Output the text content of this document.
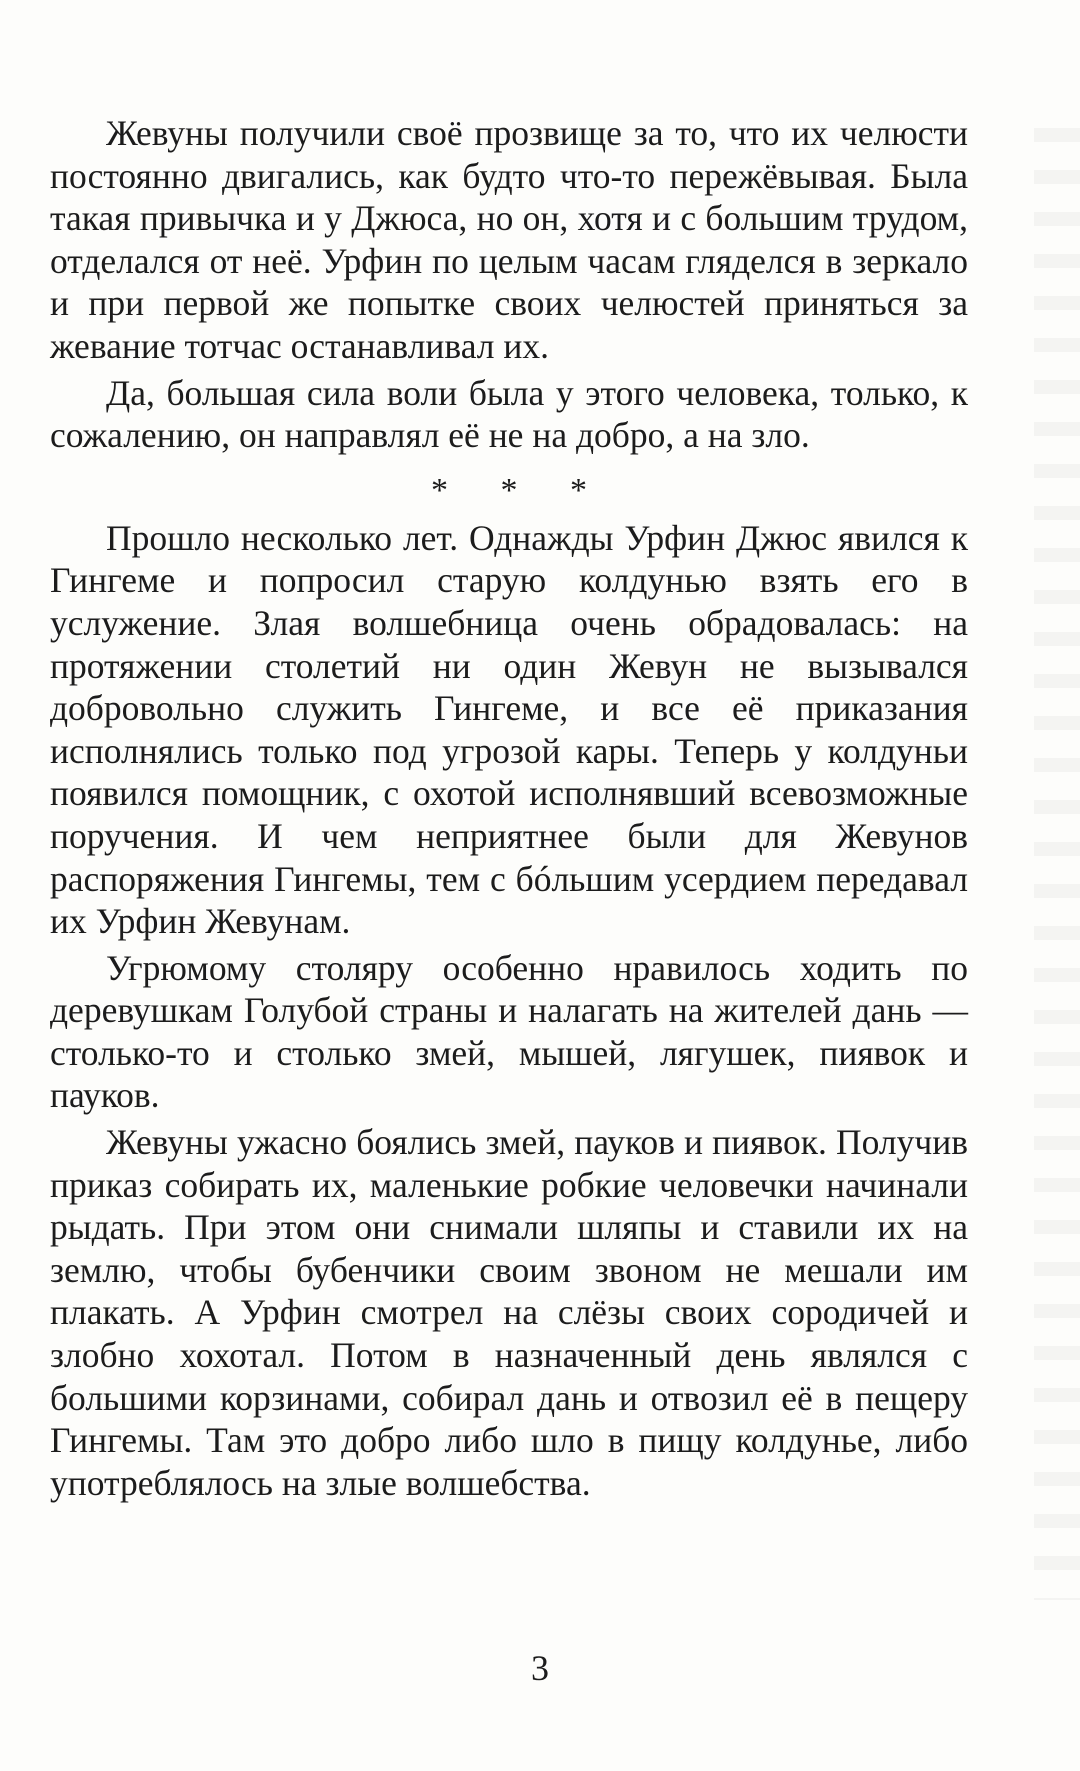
Жевуны получили своё прозвище за то, что их челюсти постоянно двигались, как будто что-то пережёвывая. Была такая привычка и у Джюса, но он, хотя и с большим трудом, отделался от неё. Урфин по целым часам гляделся в зеркало и при первой же попытке своих челюстей приняться за жевание тотчас останавливал их.

Да, большая сила воли была у этого человека, только, к сожалению, он направлял её не на добро, а на зло.

* * *

Прошло несколько лет. Однажды Урфин Джюс явился к Гингеме и попросил старую колдунью взять его в услужение. Злая волшебница очень обрадовалась: на протяжении столетий ни один Жевун не вызывался добровольно служить Гингеме, и все её приказания исполнялись только под угрозой кары. Теперь у колдуньи появился помощник, с охотой исполнявший всевозможные поручения. И чем неприятнее были для Жевунов распоряжения Гингемы, тем с бóльшим усердием передавал их Урфин Жевунам.

Угрюмому столяру особенно нравилось ходить по деревушкам Голубой страны и налагать на жителей дань — столько-то и столько змей, мышей, лягушек, пиявок и пауков.

Жевуны ужасно боялись змей, пауков и пиявок. Получив приказ собирать их, маленькие робкие человечки начинали рыдать. При этом они снимали шляпы и ставили их на землю, чтобы бубенчики своим звоном не мешали им плакать. А Урфин смотрел на слёзы своих сородичей и злобно хохотал. Потом в назначенный день являлся с большими корзинами, собирал дань и отвозил её в пещеру Гингемы. Там это добро либо шло в пищу колдунье, либо употреблялось на злые волшебства.

3
